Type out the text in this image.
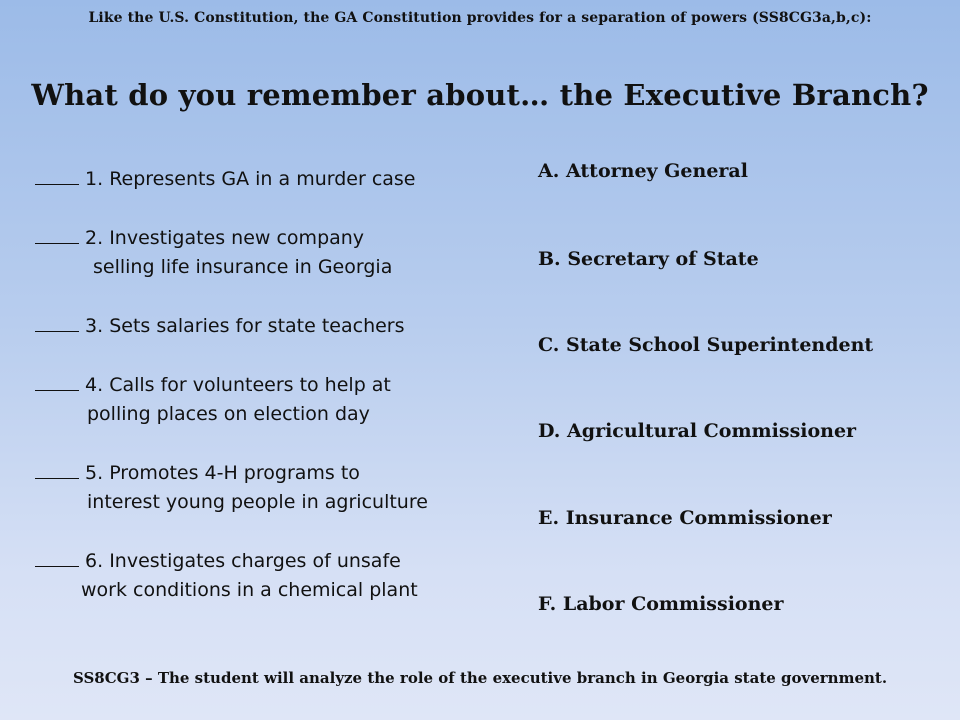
Like the U.S. Constitution, the GA Constitution provides for a separation of powers (SS8CG3a,b,c):
What do you remember about… the Executive Branch?
1. Represents GA in a murder case
2. Investigates new company
selling life insurance in Georgia
3. Sets salaries for state teachers
4. Calls for volunteers to help at
polling places on election day
5. Promotes 4-H programs to
interest young people in agriculture
6. Investigates charges of unsafe
work conditions in a chemical plant
A. Attorney General
B. Secretary of State
C. State School Superintendent
D. Agricultural Commissioner
E. Insurance Commissioner
F. Labor Commissioner
SS8CG3 – The student will analyze the role of the executive branch in Georgia state government.
